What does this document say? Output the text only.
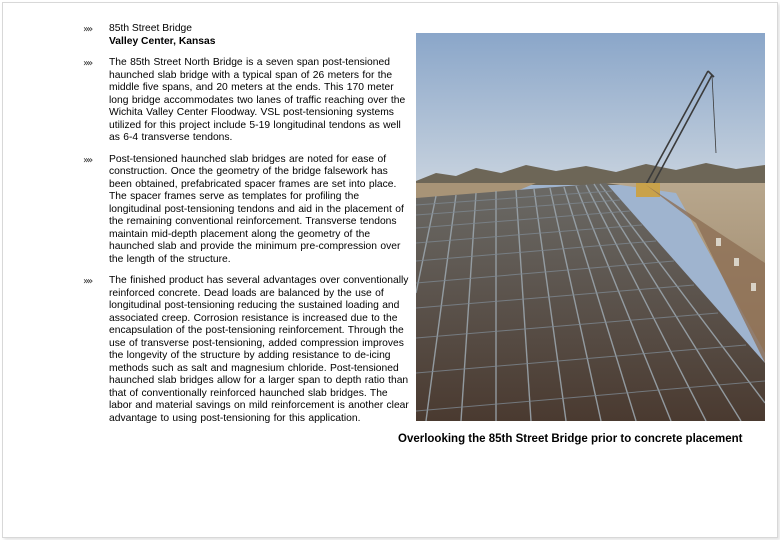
»» 85th Street Bridge
Valley Center, Kansas
»» The 85th Street North Bridge is a seven span post-tensioned haunched slab bridge with a typical span of 26 meters for the middle five spans, and 20 meters at the ends. This 170 meter long bridge accommodates two lanes of traffic reaching over the Wichita Valley Center Floodway. VSL post-tensioning systems utilized for this project include 5-19 longitudinal tendons as well as 6-4 transverse tendons.
»» Post-tensioned haunched slab bridges are noted for ease of construction. Once the geometry of the bridge falsework has been obtained, prefabricated spacer frames are set into place. The spacer frames serve as templates for profiling the longitudinal post-tensioning tendons and aid in the placement of the remaining conventional reinforcement. Transverse tendons maintain mid-depth placement along the geometry of the haunched slab and provide the minimum pre-compression over the length of the structure.
»» The finished product has several advantages over conventionally reinforced concrete. Dead loads are balanced by the use of longitudinal post-tensioning reducing the sustained loading and associated creep. Corrosion resistance is increased due to the encapsulation of the post-tensioning reinforcement. Through the use of transverse post-tensioning, added compression improves the longevity of the structure by adding resistance to de-icing methods such as salt and magnesium chloride. Post-tensioned haunched slab bridges allow for a larger span to depth ratio than that of conventionally reinforced haunched slab bridges. The labor and material savings on mild reinforcement is another clear advantage to using post-tensioning for this application.
Overlooking the 85th Street Bridge prior to concrete placement
